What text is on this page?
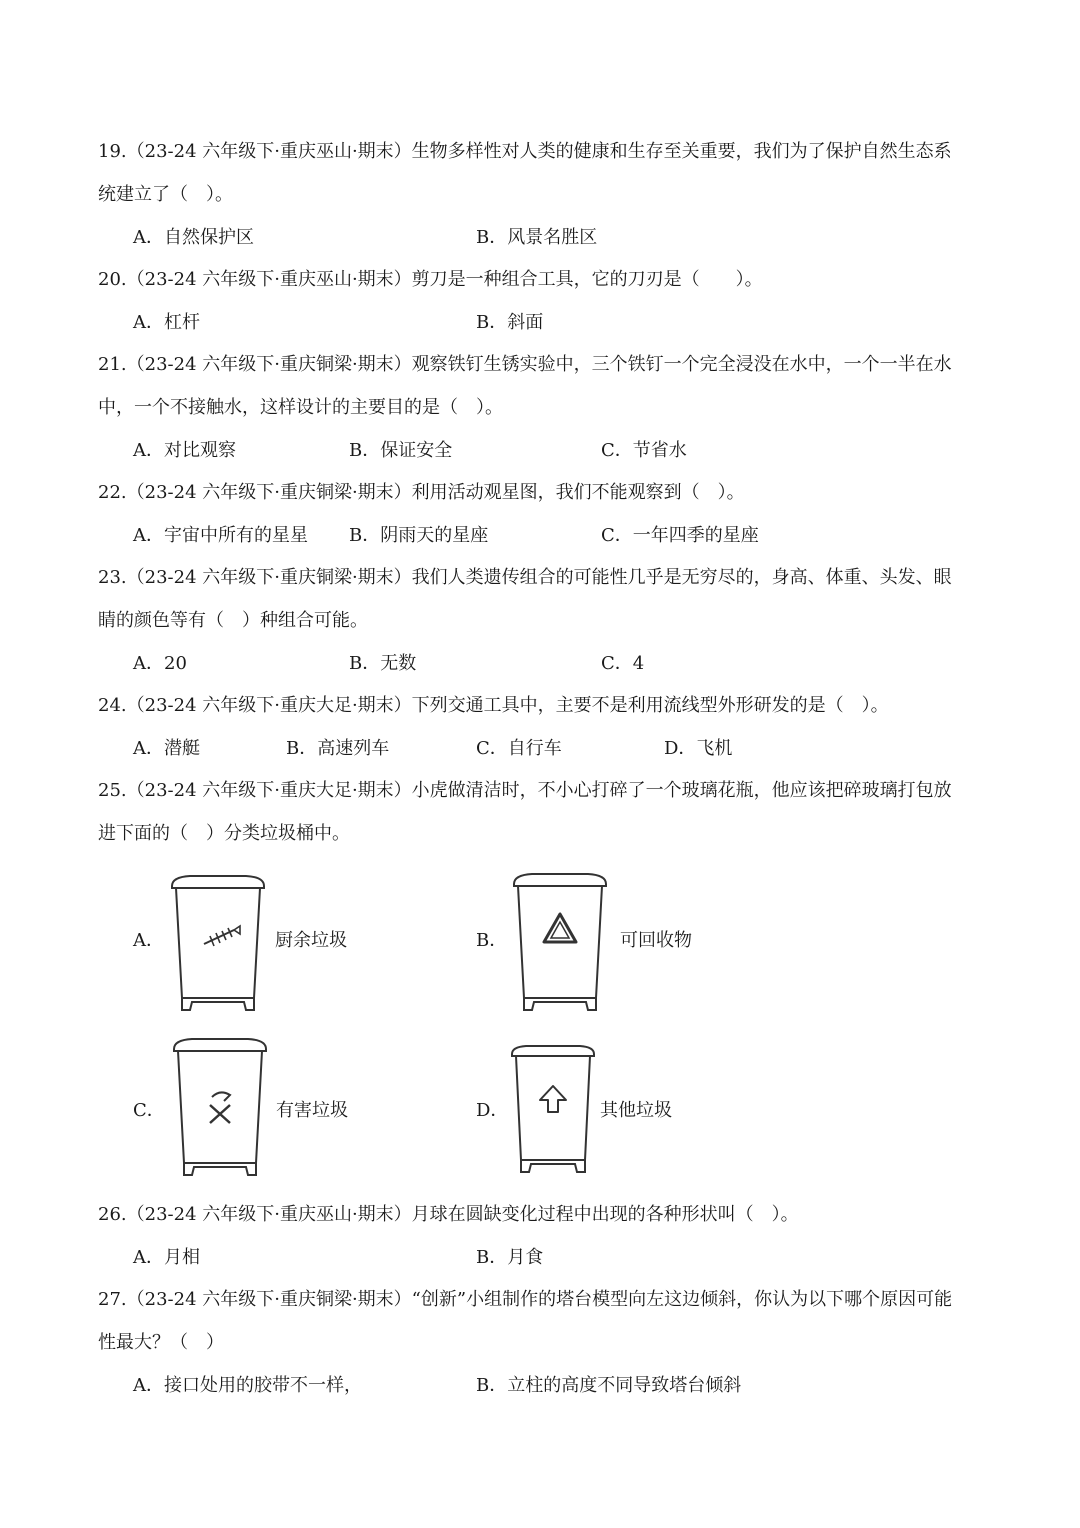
19.（23-24 六年级下·重庆巫山·期末）生物多样性对人类的健康和生存至关重要，我们为了保护自然生态系
统建立了（　）。
A．自然保护区	B．风景名胜区
20.（23-24 六年级下·重庆巫山·期末）剪刀是一种组合工具，它的刀刃是（　　）。
A．杠杆	B．斜面
21.（23-24 六年级下·重庆铜梁·期末）观察铁钉生锈实验中，三个铁钉一个完全浸没在水中，一个一半在水
中，一个不接触水，这样设计的主要目的是（　）。
A．对比观察	B．保证安全	C．节省水
22.（23-24 六年级下·重庆铜梁·期末）利用活动观星图，我们不能观察到（　）。
A．宇宙中所有的星星 B．阴雨天的星座	C．一年四季的星座
23.（23-24 六年级下·重庆铜梁·期末）我们人类遗传组合的可能性几乎是无穷尽的，身高、体重、头发、眼
睛的颜色等有（　）种组合可能。
A．20	B．无数	C．4
24.（23-24 六年级下·重庆大足·期末）下列交通工具中，主要不是利用流线型外形研发的是（　）。
A．潜艇	B．高速列车	C．自行车	D．飞机
25.（23-24 六年级下·重庆大足·期末）小虎做清洁时，不小心打碎了一个玻璃花瓶，他应该把碎玻璃打包放
进下面的（　）分类垃圾桶中。
A．	厨余垃圾	B．	可回收物
C．	有害垃圾	D．	其他垃圾
26.（23-24 六年级下·重庆巫山·期末）月球在圆缺变化过程中出现的各种形状叫（　）。
A．月相	B．月食
27.（23-24 六年级下·重庆铜梁·期末）“创新”小组制作的塔台模型向左这边倾斜，你认为以下哪个原因可能
性最大？（　）
A．接口处用的胶带不一样，	B．立柱的高度不同导致塔台倾斜
